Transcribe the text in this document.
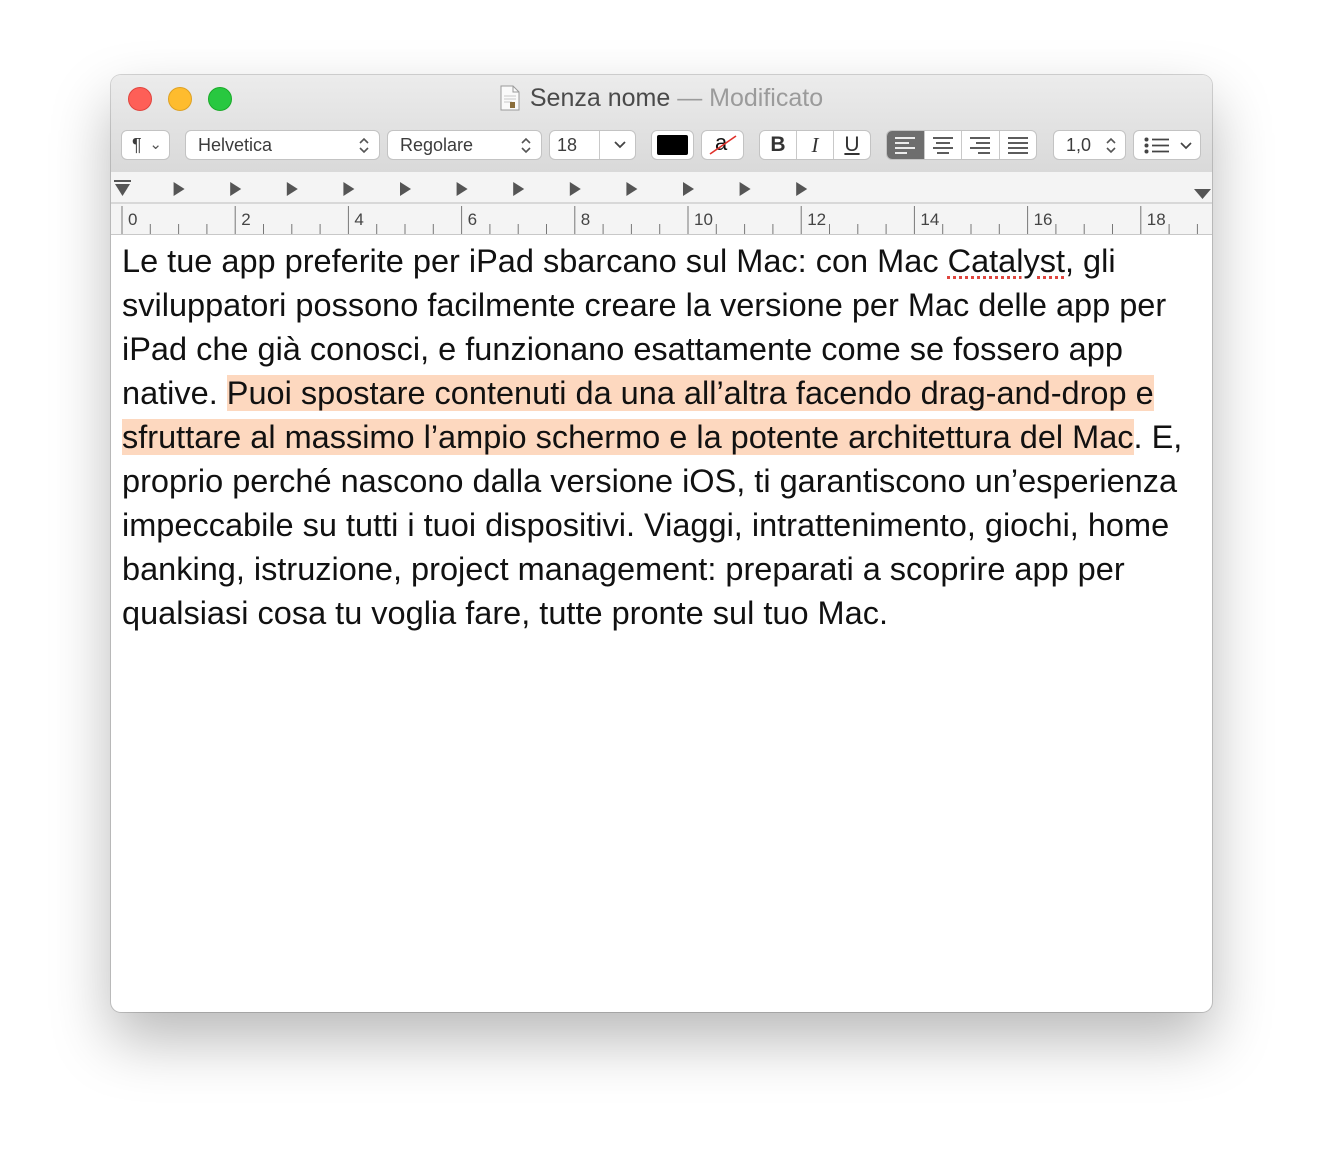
Senza nome — Modificato
¶ ⌄ Helvetica	Regolare	18	a B I U	1,0
0	2	4	6	8	10	12	14	16	18
Le tue app preferite per iPad sbarcano sul Mac: con Mac Catalyst, gli sviluppatori possono facilmente creare la versione per Mac delle app per iPad che già conosci, e funzionano esattamente come se fossero app native. Puoi spostare contenuti da una all’altra facendo drag-and-drop e sfruttare al massimo l’ampio schermo e la potente architettura del Mac. E, proprio perché nascono dalla versione iOS, ti garantiscono un’esperienza impeccabile su tutti i tuoi dispositivi. Viaggi, intrattenimento, giochi, home banking, istruzione, project management: preparati a scoprire app per qualsiasi cosa tu voglia fare, tutte pronte sul tuo Mac.
